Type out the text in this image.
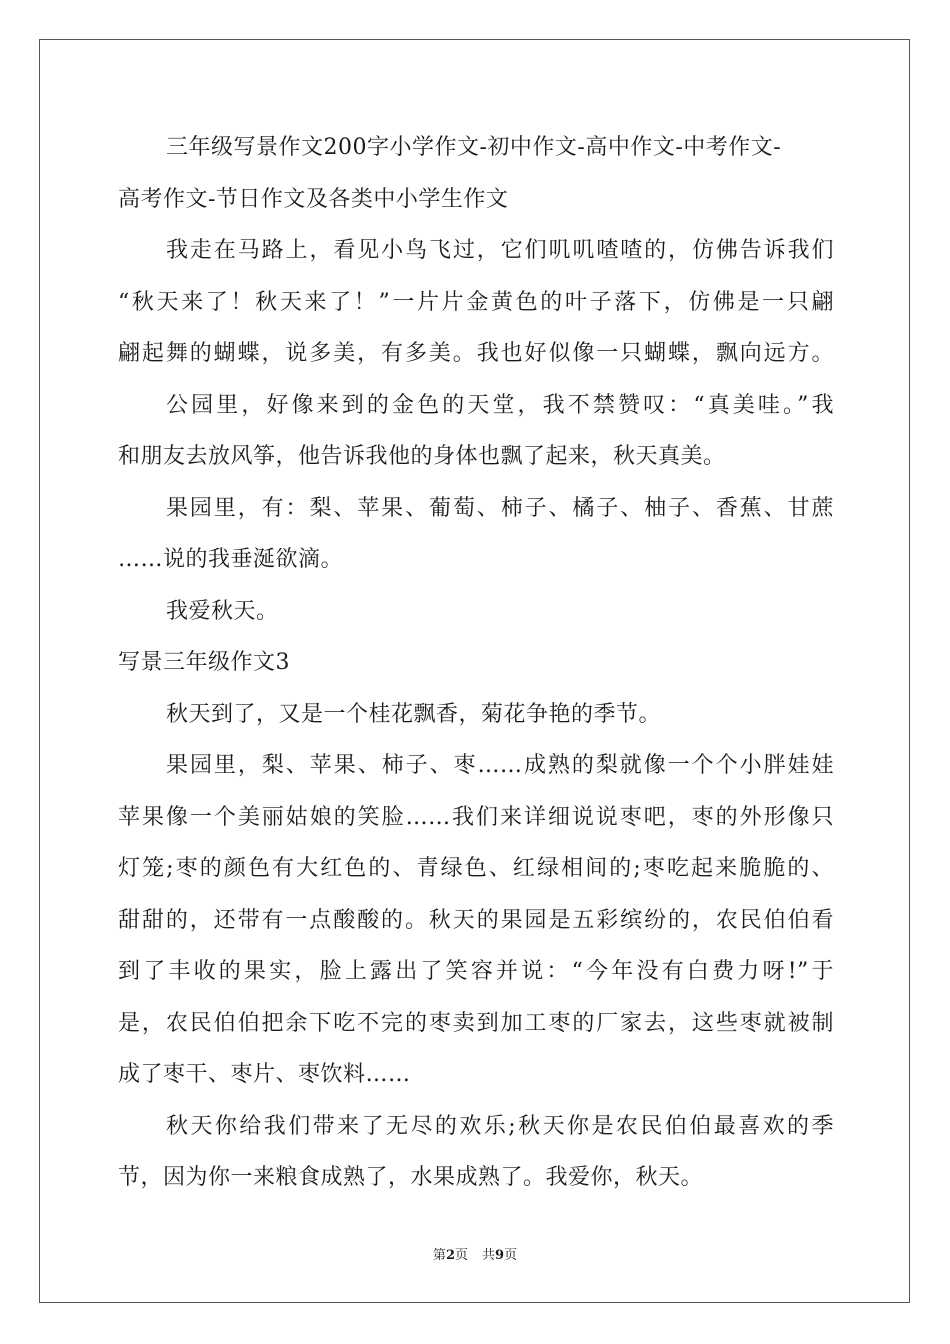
三年级写景作文200字小学作文-初中作文-高中作文-中考作文-
高考作文-节日作文及各类中小学生作文
我走在马路上，看见小鸟飞过，它们叽叽喳喳的，仿佛告诉我们
“秋天来了！秋天来了！”一片片金黄色的叶子落下，仿佛是一只翩
翩起舞的蝴蝶，说多美，有多美。我也好似像一只蝴蝶，飘向远方。
公园里，好像来到的金色的天堂，我不禁赞叹：“真美哇。”我
和朋友去放风筝，他告诉我他的身体也飘了起来，秋天真美。
果园里，有：梨、苹果、葡萄、柿子、橘子、柚子、香蕉、甘蔗
……说的我垂涎欲滴。
我爱秋天。
写景三年级作文3
秋天到了，又是一个桂花飘香，菊花争艳的季节。
果园里，梨、苹果、柿子、枣……成熟的梨就像一个个小胖娃娃
苹果像一个美丽姑娘的笑脸……我们来详细说说枣吧，枣的外形像只
灯笼;枣的颜色有大红色的、青绿色、红绿相间的;枣吃起来脆脆的、
甜甜的，还带有一点酸酸的。秋天的果园是五彩缤纷的，农民伯伯看
到了丰收的果实，脸上露出了笑容并说：“今年没有白费力呀!”于
是，农民伯伯把余下吃不完的枣卖到加工枣的厂家去，这些枣就被制
成了枣干、枣片、枣饮料……
秋天你给我们带来了无尽的欢乐;秋天你是农民伯伯最喜欢的季
节，因为你一来粮食成熟了，水果成熟了。我爱你，秋天。
第2页 共9页
